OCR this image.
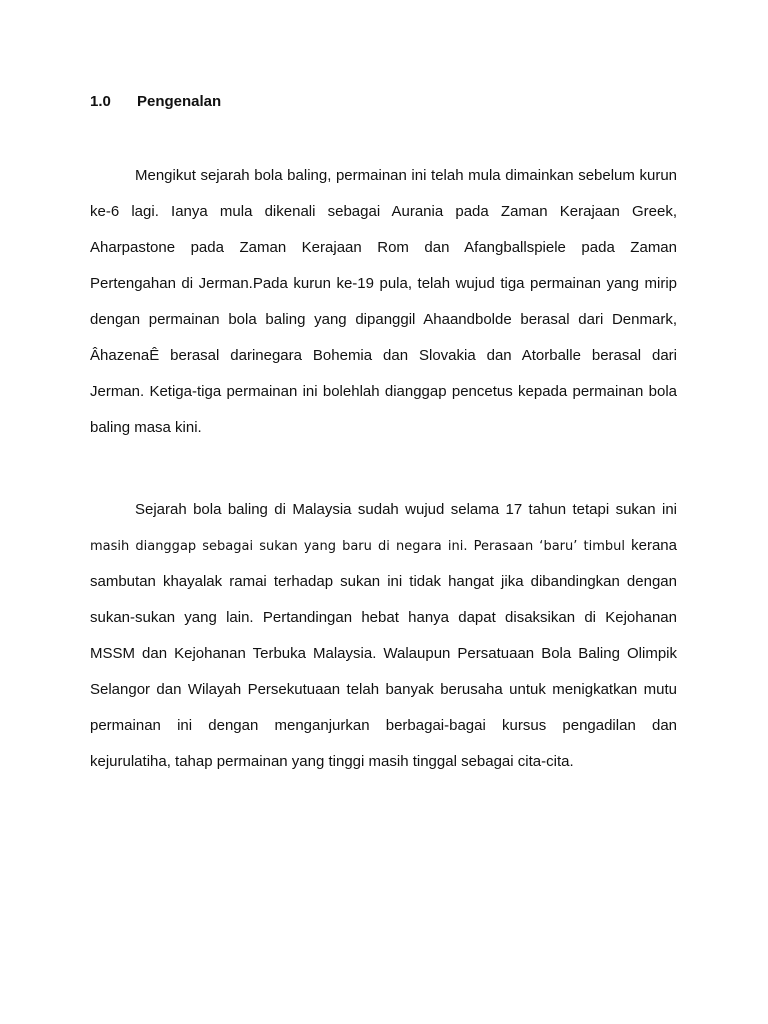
1.0 Pengenalan

Mengikut sejarah bola baling, permainan ini telah mula dimainkan sebelum kurun
ke-6 lagi. Ianya mula dikenali sebagai Aurania pada Zaman Kerajaan Greek,
Aharpastone pada Zaman Kerajaan Rom dan Afangballspiele pada Zaman
Pertengahan di Jerman.Pada kurun ke-19 pula, telah wujud tiga permainan yang mirip
dengan permainan bola baling yang dipanggil Ahaandbolde berasal dari Denmark,
ÂhazenaÊ berasal darinegara Bohemia dan Slovakia dan Atorballe berasal dari
Jerman. Ketiga-tiga permainan ini bolehlah dianggap pencetus kepada permainan bola
baling masa kini.

Sejarah bola baling di Malaysia sudah wujud selama 17 tahun tetapi sukan ini
masih dianggap sebagai sukan yang baru di negara ini. Perasaan ‘baru’ timbul kerana
sambutan khayalak ramai terhadap sukan ini tidak hangat jika dibandingkan dengan
sukan-sukan yang lain. Pertandingan hebat hanya dapat disaksikan di Kejohanan
MSSM dan Kejohanan Terbuka Malaysia. Walaupun Persatuaan Bola Baling Olimpik
Selangor dan Wilayah Persekutuaan telah banyak berusaha untuk menigkatkan mutu
permainan ini dengan menganjurkan berbagai-bagai kursus pengadilan dan
kejurulatiha, tahap permainan yang tinggi masih tinggal sebagai cita-cita.
